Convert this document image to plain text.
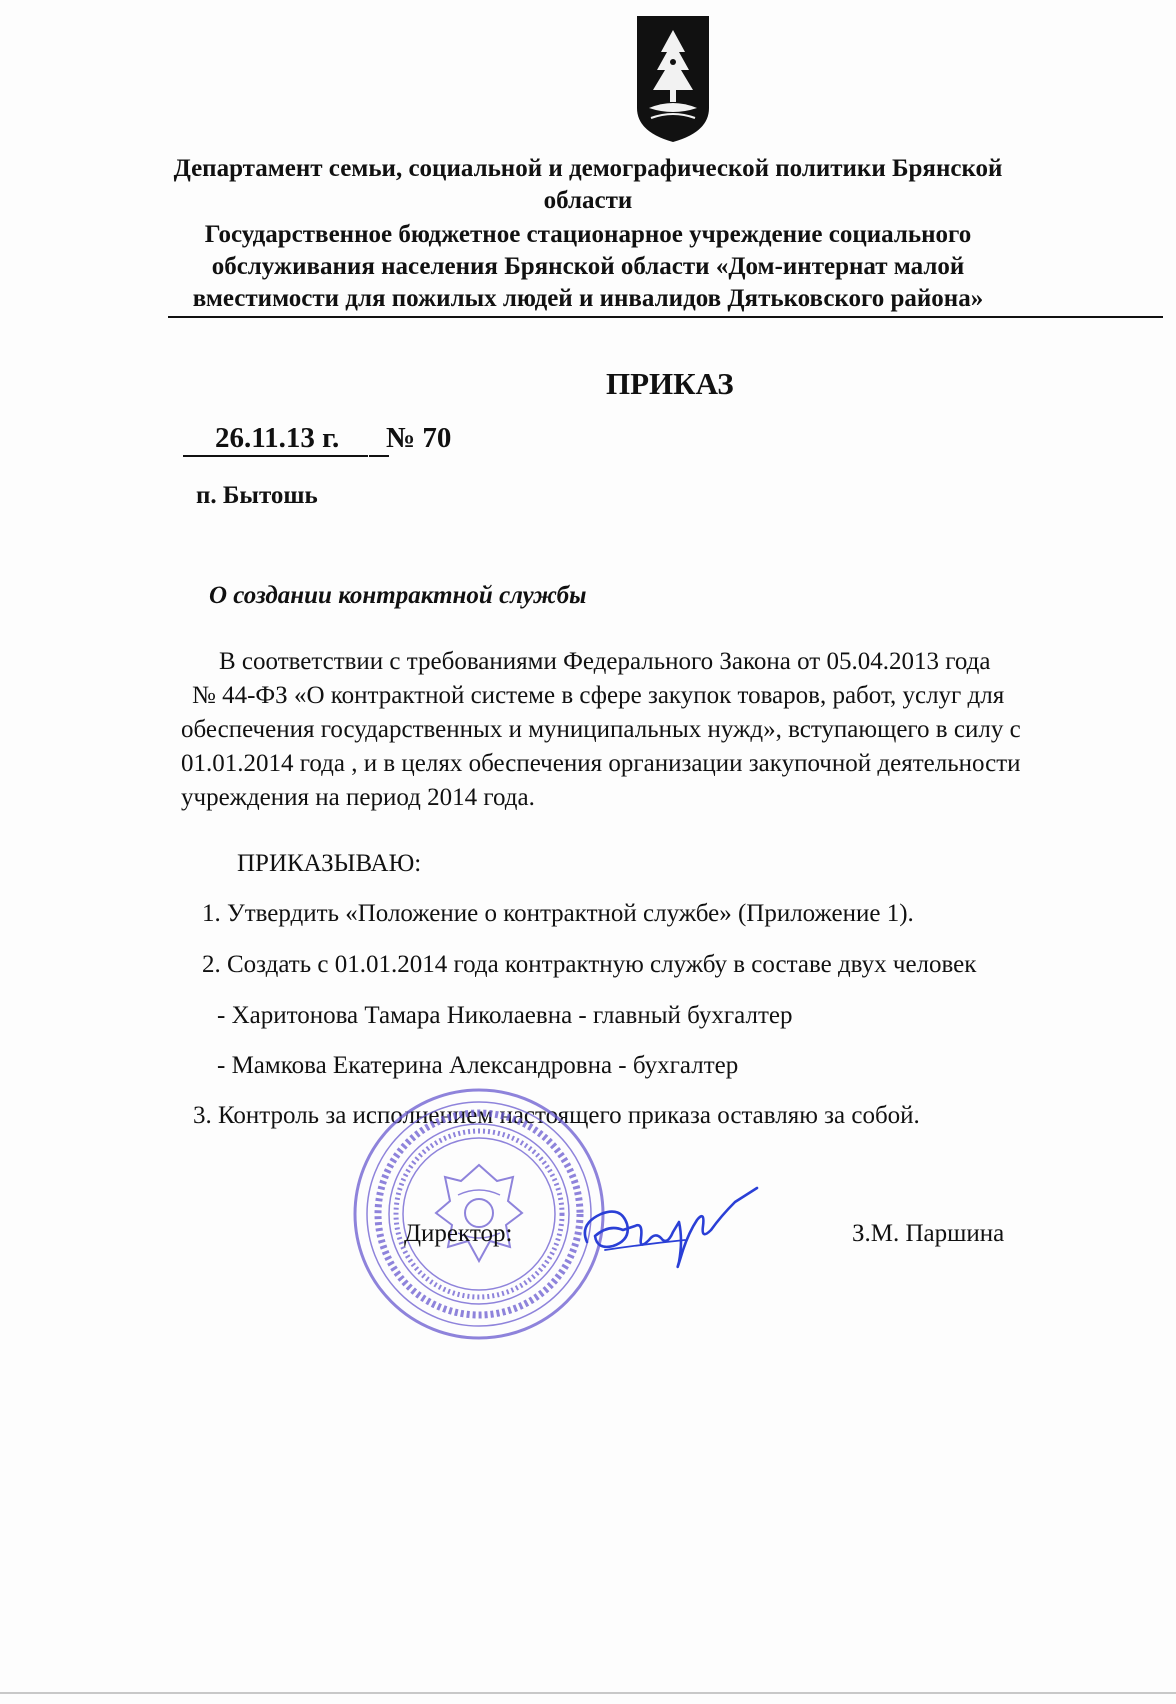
Департамент семьи, социальной и демографической политики Брянской
области
Государственное бюджетное стационарное учреждение социального
обслуживания населения Брянской области «Дом-интернат малой
вместимости для пожилых людей и инвалидов Дятьковского района»
ПРИКАЗ
26.11.13 г. № 70
п. Бытошь
О создании контрактной службы
В соответствии с требованиями Федерального Закона от 05.04.2013 года
№ 44-ФЗ «О контрактной системе в сфере закупок товаров, работ, услуг для
обеспечения государственных и муниципальных нужд», вступающего в силу с
01.01.2014 года , и в целях обеспечения организации закупочной деятельности
учреждения на период 2014 года.
ПРИКАЗЫВАЮ:
1. Утвердить «Положение о контрактной службе» (Приложение 1).
2. Создать с 01.01.2014 года контрактную службу в составе двух человек
- Харитонова Тамара Николаевна - главный бухгалтер
- Мамкова Екатерина Александровна - бухгалтер
3. Контроль за исполнением настоящего приказа оставляю за собой.
Директор:	З.М. Паршина
